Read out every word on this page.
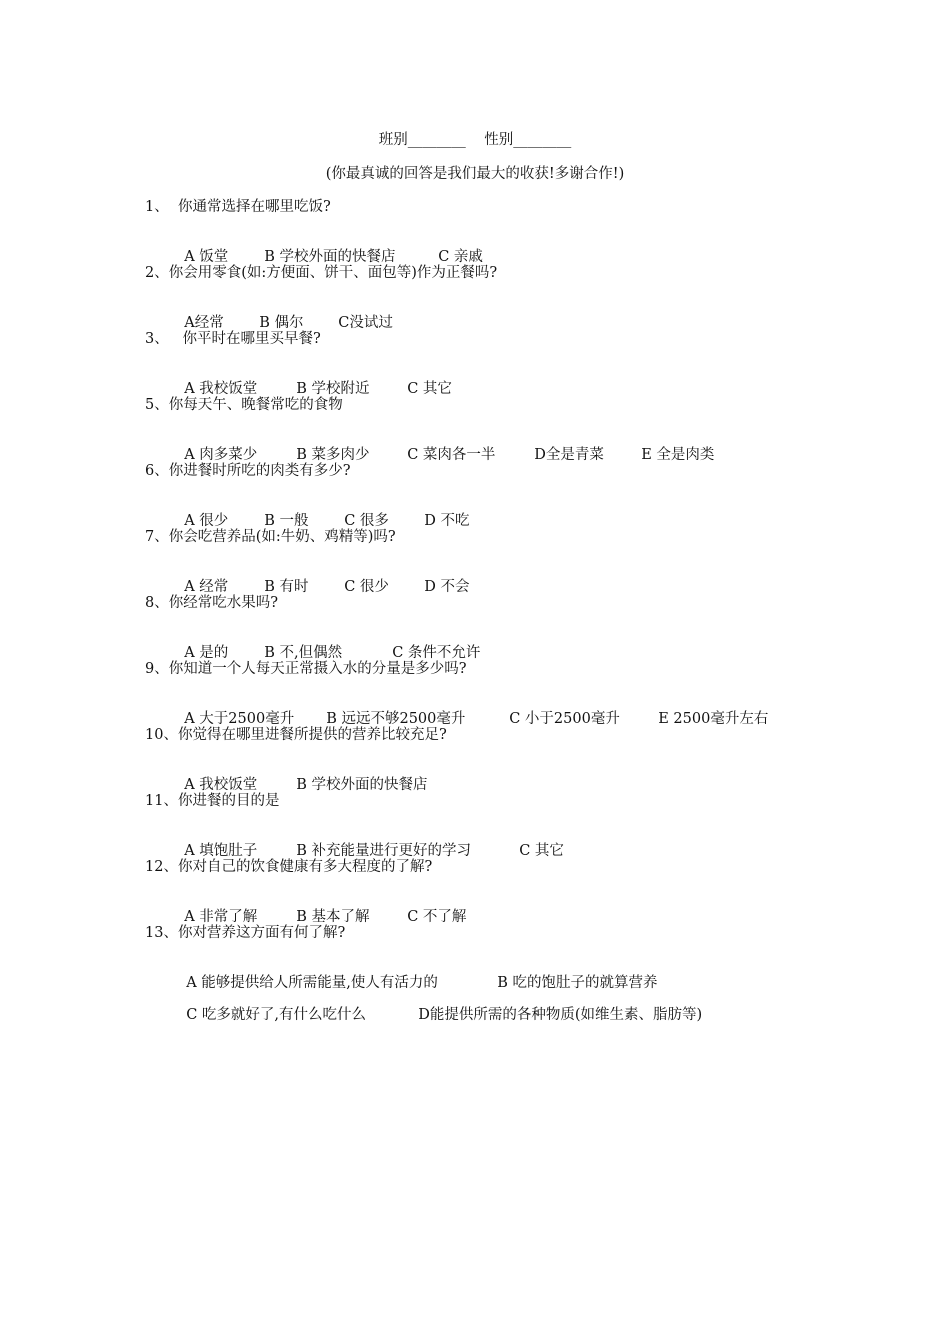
班别________    性别________
(你最真诚的回答是我们最大的收获!多谢合作!)
1、  你通常选择在哪里吃饭?

A 饭堂 B 学校外面的快餐店	C 亲戚

2、你会用零食(如:方便面、饼干、面包等)作为正餐吗?

A经常 B 偶尔 C没试过

3、   你平时在哪里买早餐?

A 我校饭堂	B 学校附近	C 其它

5、你每天午、晚餐常吃的食物

A 肉多菜少	B 菜多肉少	C 菜肉各一半	D全是青菜	E 全是肉类

6、你进餐时所吃的肉类有多少?

A 很少 B 一般 C 很多 D 不吃

7、你会吃营养品(如:牛奶、鸡精等)吗?

A 经常 B 有时 C 很少 D 不会

8、你经常吃水果吗?

A 是的 B 不,但偶然	C 条件不允许

9、你知道一个人每天正常摄入水的分量是多少吗?

A 大于2500毫升 B 远远不够2500毫升	C 小于2500毫升	E 2500毫升左右

10、你觉得在哪里进餐所提供的营养比较充足?

A 我校饭堂	B 学校外面的快餐店

11、你进餐的目的是

A 填饱肚子	B 补充能量进行更好的学习	C 其它

12、你对自己的饮食健康有多大程度的了解?

A 非常了解	B 基本了解	C 不了解

13、你对营养这方面有何了解?

A 能够提供给人所需能量,使人有活力的	B 吃的饱肚子的就算营养

C 吃多就好了,有什么吃什么	D能提供所需的各种物质(如维生素、脂肪等)
